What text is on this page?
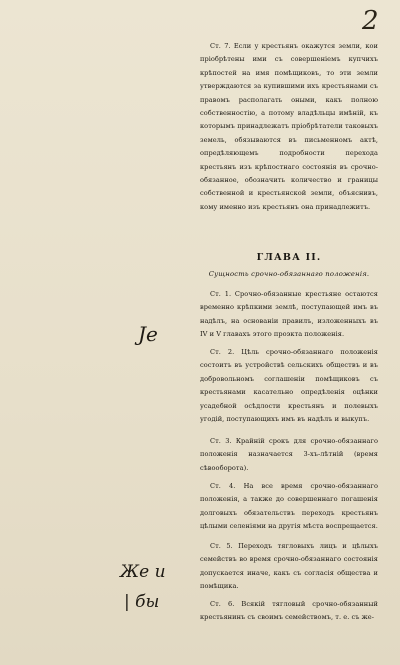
2
Ст. 7. Если у крестьянъ окажутся земли, кои пріобрѣтены ими съ совершеніемъ купчихъ крѣпостей на имя помѣщиковъ, то эти земли утверждаются за купившими ихъ крестьянами съ правомъ располагать оными, какъ полною собственностію, а потому владѣльцы имѣній, къ которымъ принадлежатъ пріобрѣтатели таковыхъ земель, обязываются въ письменномъ актѣ, опредѣляющемъ подробности перехода крестьянъ изъ крѣпостнаго состоянія въ срочно-обязанное, обозначить количество и границы собственной и крестьянской земли, объяснивъ, кому именно изъ крестьянъ она принадлежитъ.
ГЛАВА II.
Сущность срочно-обязаннаго положенія.
Ст. 1. Срочно-обязанные крестьяне остаются временно крѣпкими землѣ, поступающей имъ въ надѣлъ, на основаніи правилъ, изложенныхъ въ IV и V главахъ этого проэкта положенія.
Ст. 2. Цѣль срочно-обязаннаго положенія состоитъ въ устройствѣ сельскихъ обществъ и въ добровольномъ соглашеніи помѣщиковъ съ крестьянами касательно опредѣленія оцѣнки усадебной осѣдлости крестьянъ и полевыхъ угодій, поступающихъ имъ въ надѣлъ и выкупъ.
Ст. 3. Крайній срокъ для срочно-обязаннаго положенія назначается 3-хъ-лѣтній (время сѣвооборота).
Ст. 4. На все время срочно-обязаннаго положенія, а также до совершеннаго погашенія долговыхъ обязательствъ переходъ крестьянъ цѣлыми селеніями на другія мѣста воспрещается.
Ст. 5. Переходъ тягловыхъ лицъ и цѣлыхъ семействъ во время срочно-обязаннаго состоянія допускается иначе, какъ съ согласія общества и помѣщика.
Ст. 6. Всякій тягловый срочно-обязанный крестьянинъ съ своимъ семействомъ, т. е. съ же-
Je
Же и
| бы
